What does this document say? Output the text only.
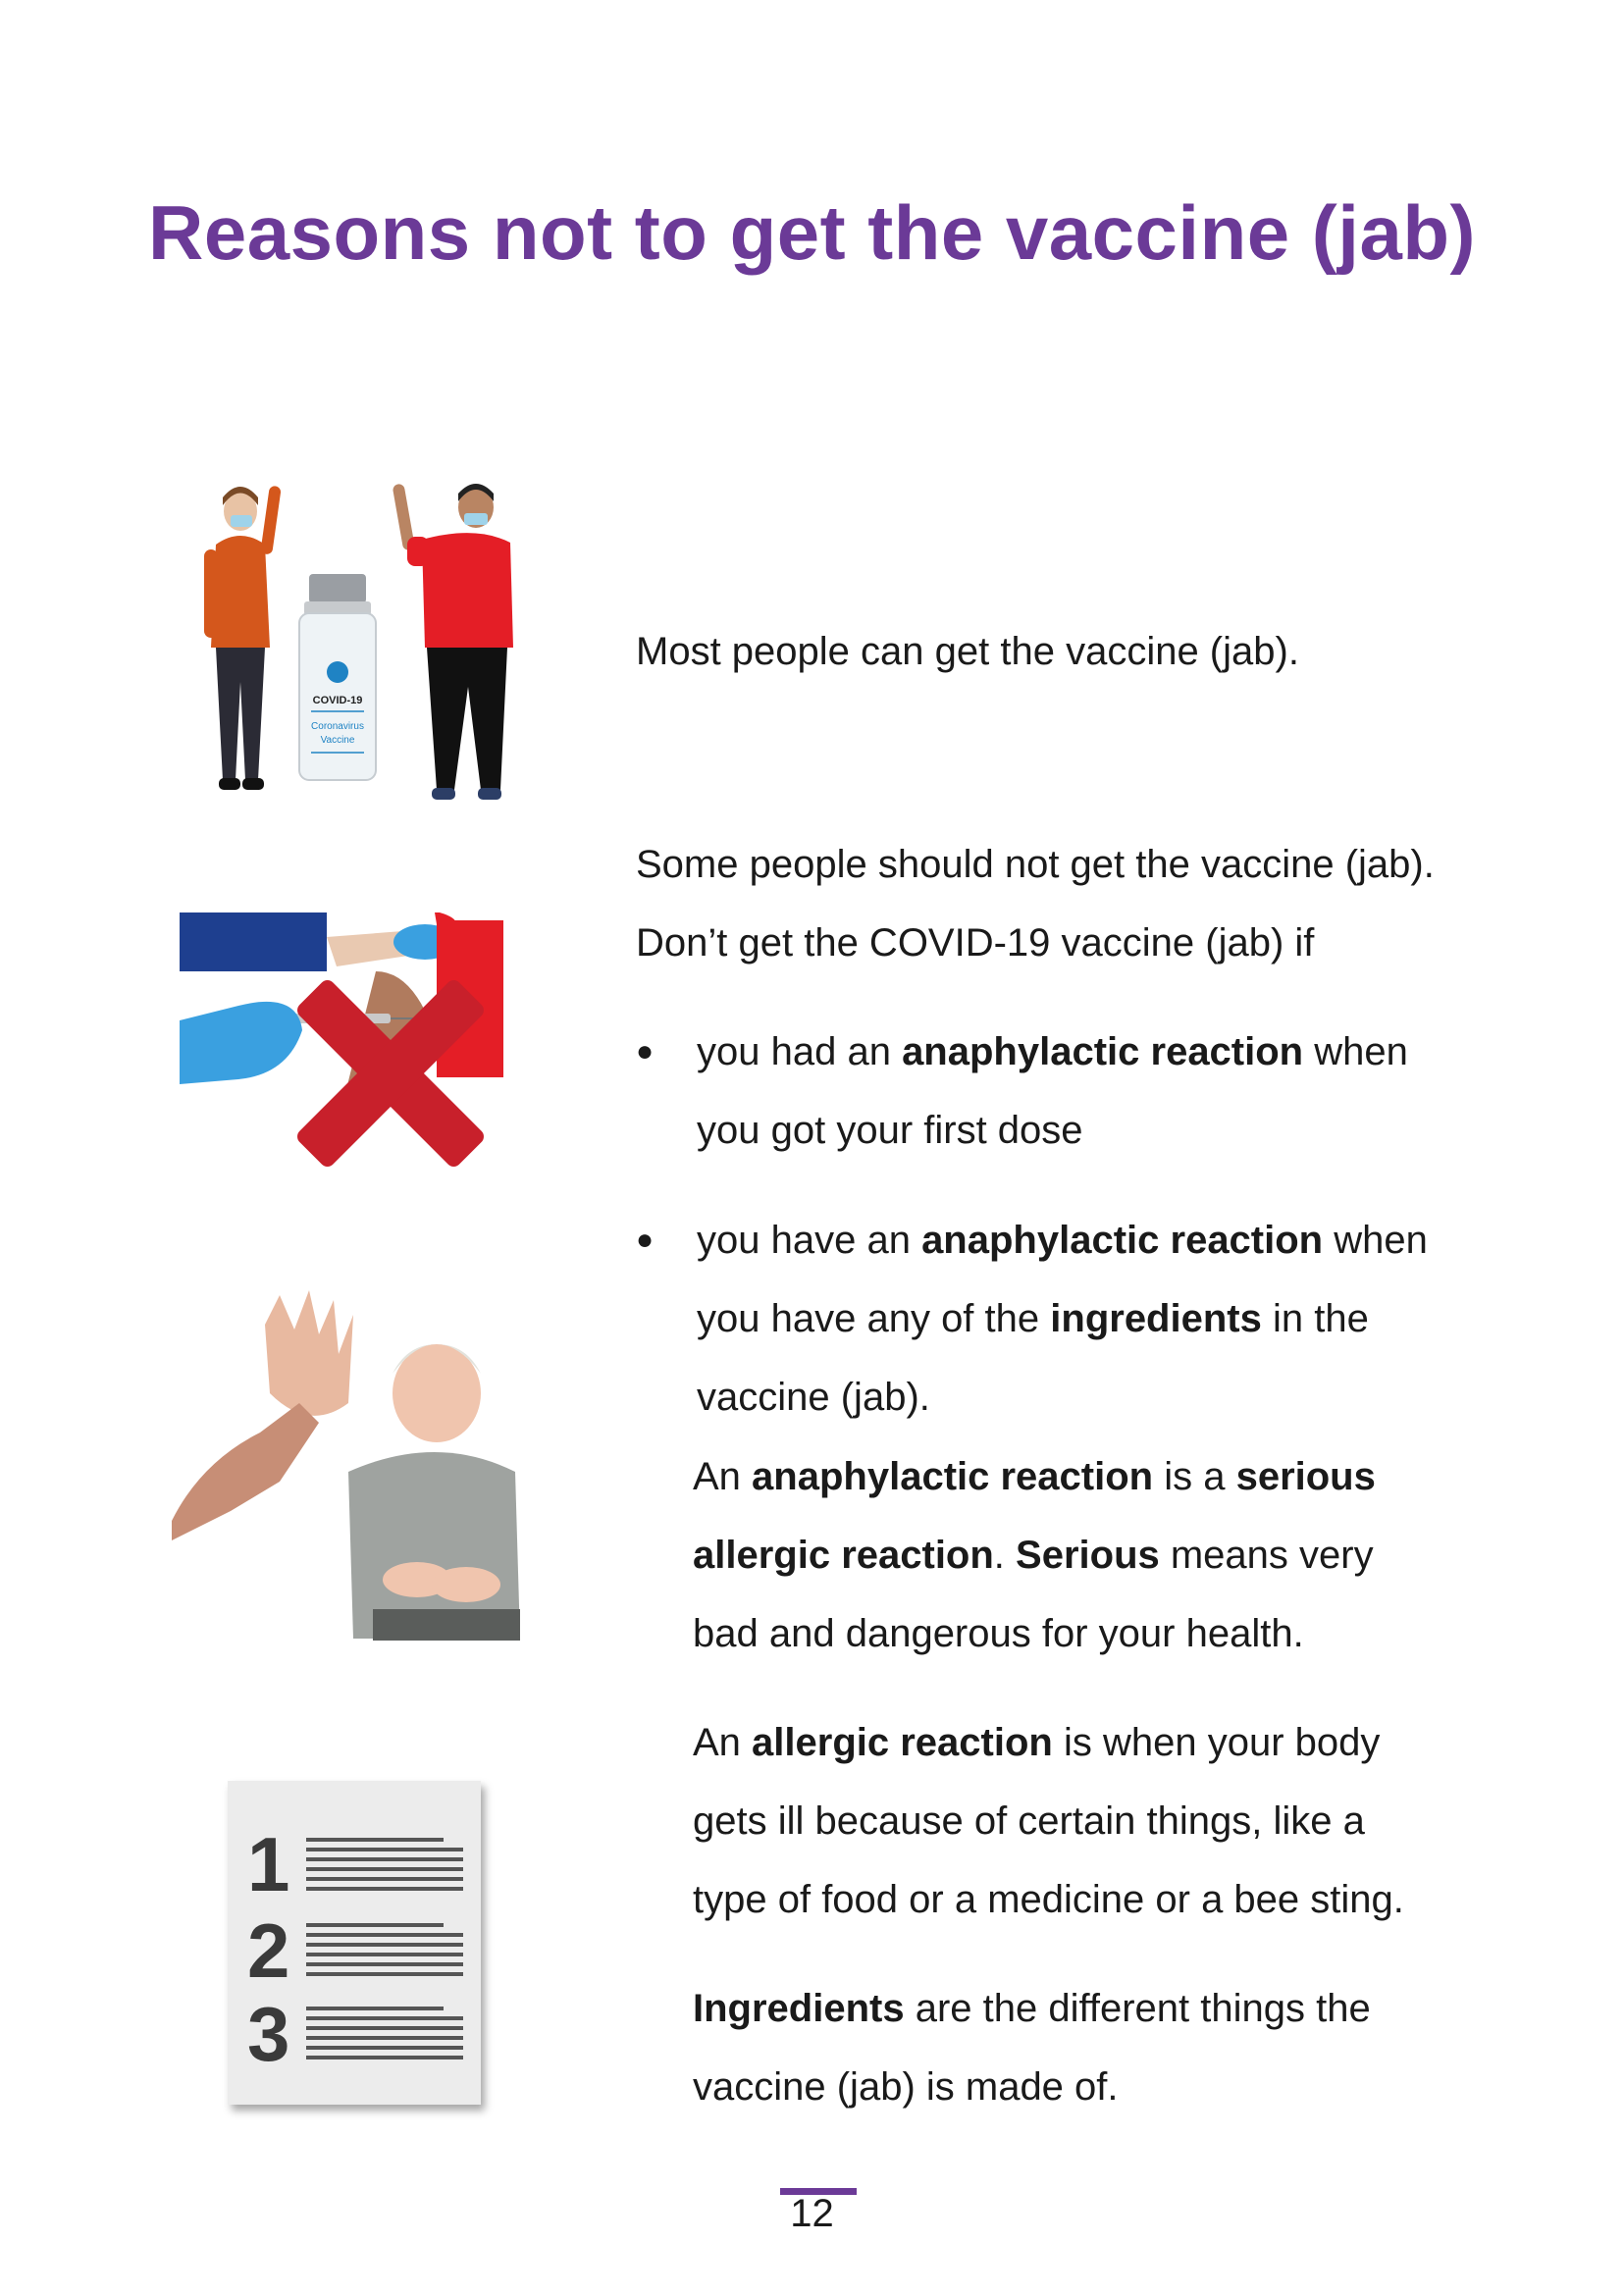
Reasons not to get the vaccine (jab)
COVID-19
Coronavirus
Vaccine
1
2
3

Most people can get the vaccine (jab).

Some people should not get the vaccine (jab).

Don’t get the COVID-19 vaccine (jab) if

● you had an anaphylactic reaction when
you got your first dose
● you have an anaphylactic reaction when
you have any of the ingredients in the
vaccine (jab).

An anaphylactic reaction is a serious

allergic reaction. Serious means very

bad and dangerous for your health.

An allergic reaction is when your body

gets ill because of certain things, like a

type of food or a medicine or a bee sting.

Ingredients are the different things the

vaccine (jab) is made of.

12
